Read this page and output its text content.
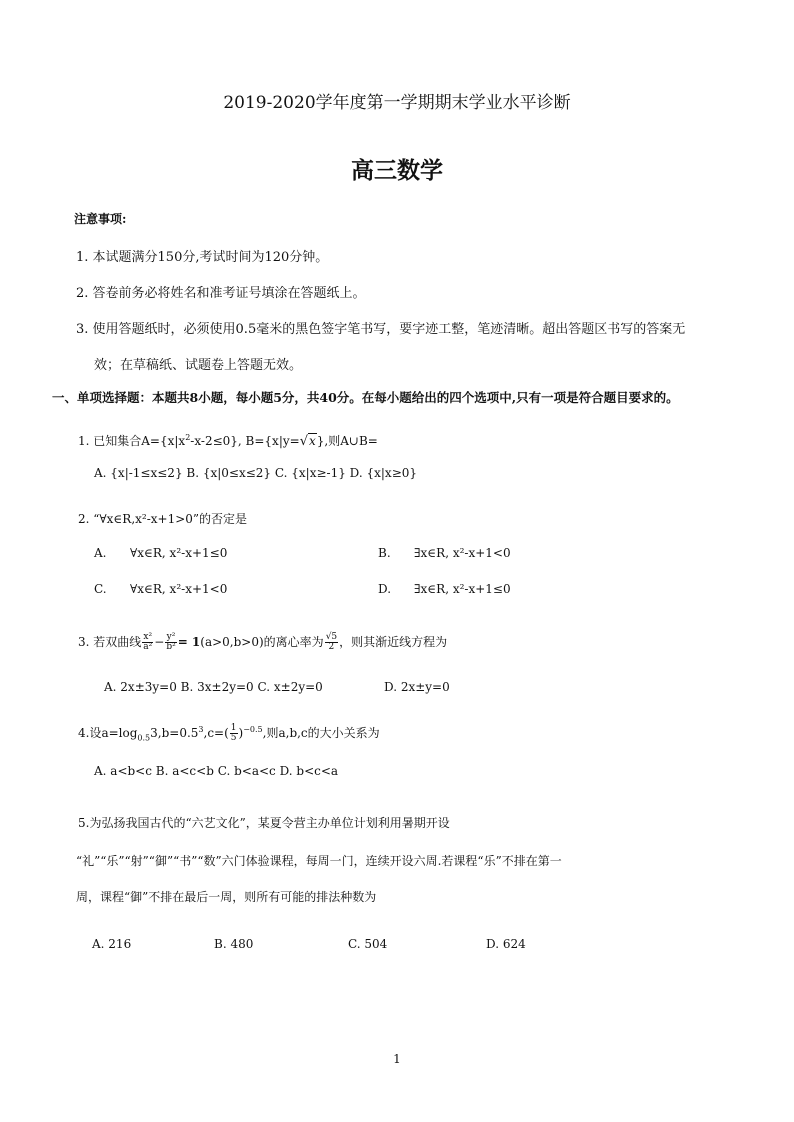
2019-2020学年度第一学期期末学业水平诊断
高三数学
注意事项:
1. 本试题满分150分,考试时间为120分钟。
2. 答卷前务必将姓名和准考证号填涂在答题纸上。
3. 使用答题纸时，必须使用0.5毫米的黑色签字笔书写，要字迹工整，笔迹清晰。超出答题区书写的答案无
效；在草稿纸、试题卷上答题无效。
一、单项选择题：本题共8小题，每小题5分，共40分。在每小题给出的四个选项中,只有一项是符合题目要求的。
1. 已知集合$A=\{x|x^2-x-2\le 0\}$, B={x|y=√x},则A∪B=
A. {x|-1≤x≤2} B. {x|0≤x≤2} C. {x|x≥-1} D. {x|x≥0}
2. “∀x∈R,x²-x+1>0”的否定是
A. ∀x∈R, x²-x+1≤0	B. ∃x∈R, x²-x+1<0
C. ∀x∈R, x²-x+1<0	D. ∃x∈R, x²-x+1≤0
3. 若双曲线 $\frac{\text{x²}}{\text{a²}} - \frac{\text{y²}}{\text{b²}} = 1(a>0,b>0)$的离心率为 $\frac{√5}{2}$ ，则其渐近线方程为
A. 2x±3y=0 B. 3x±2y=0 C. x±2y=0	D. 2x±y=0
4.设$a=\log_{0.5}3,b=0.5^3,c=( \frac{1}{5} )^{-0.5}$,则a,b,c的大小关系为
A. a<b<c B. a<c<b C. b<a<c D. b<c<a
5.为弘扬我国古代的“六艺文化”，某夏令营主办单位计划利用暑期开设
“礼”“乐”“射”“御”“书”“数”六门体验课程，每周一门，连续开设六周.若课程“乐”不排在第一
周，课程“御”不排在最后一周，则所有可能的排法种数为
A. 216	B. 480	C. 504	D. 624
1
